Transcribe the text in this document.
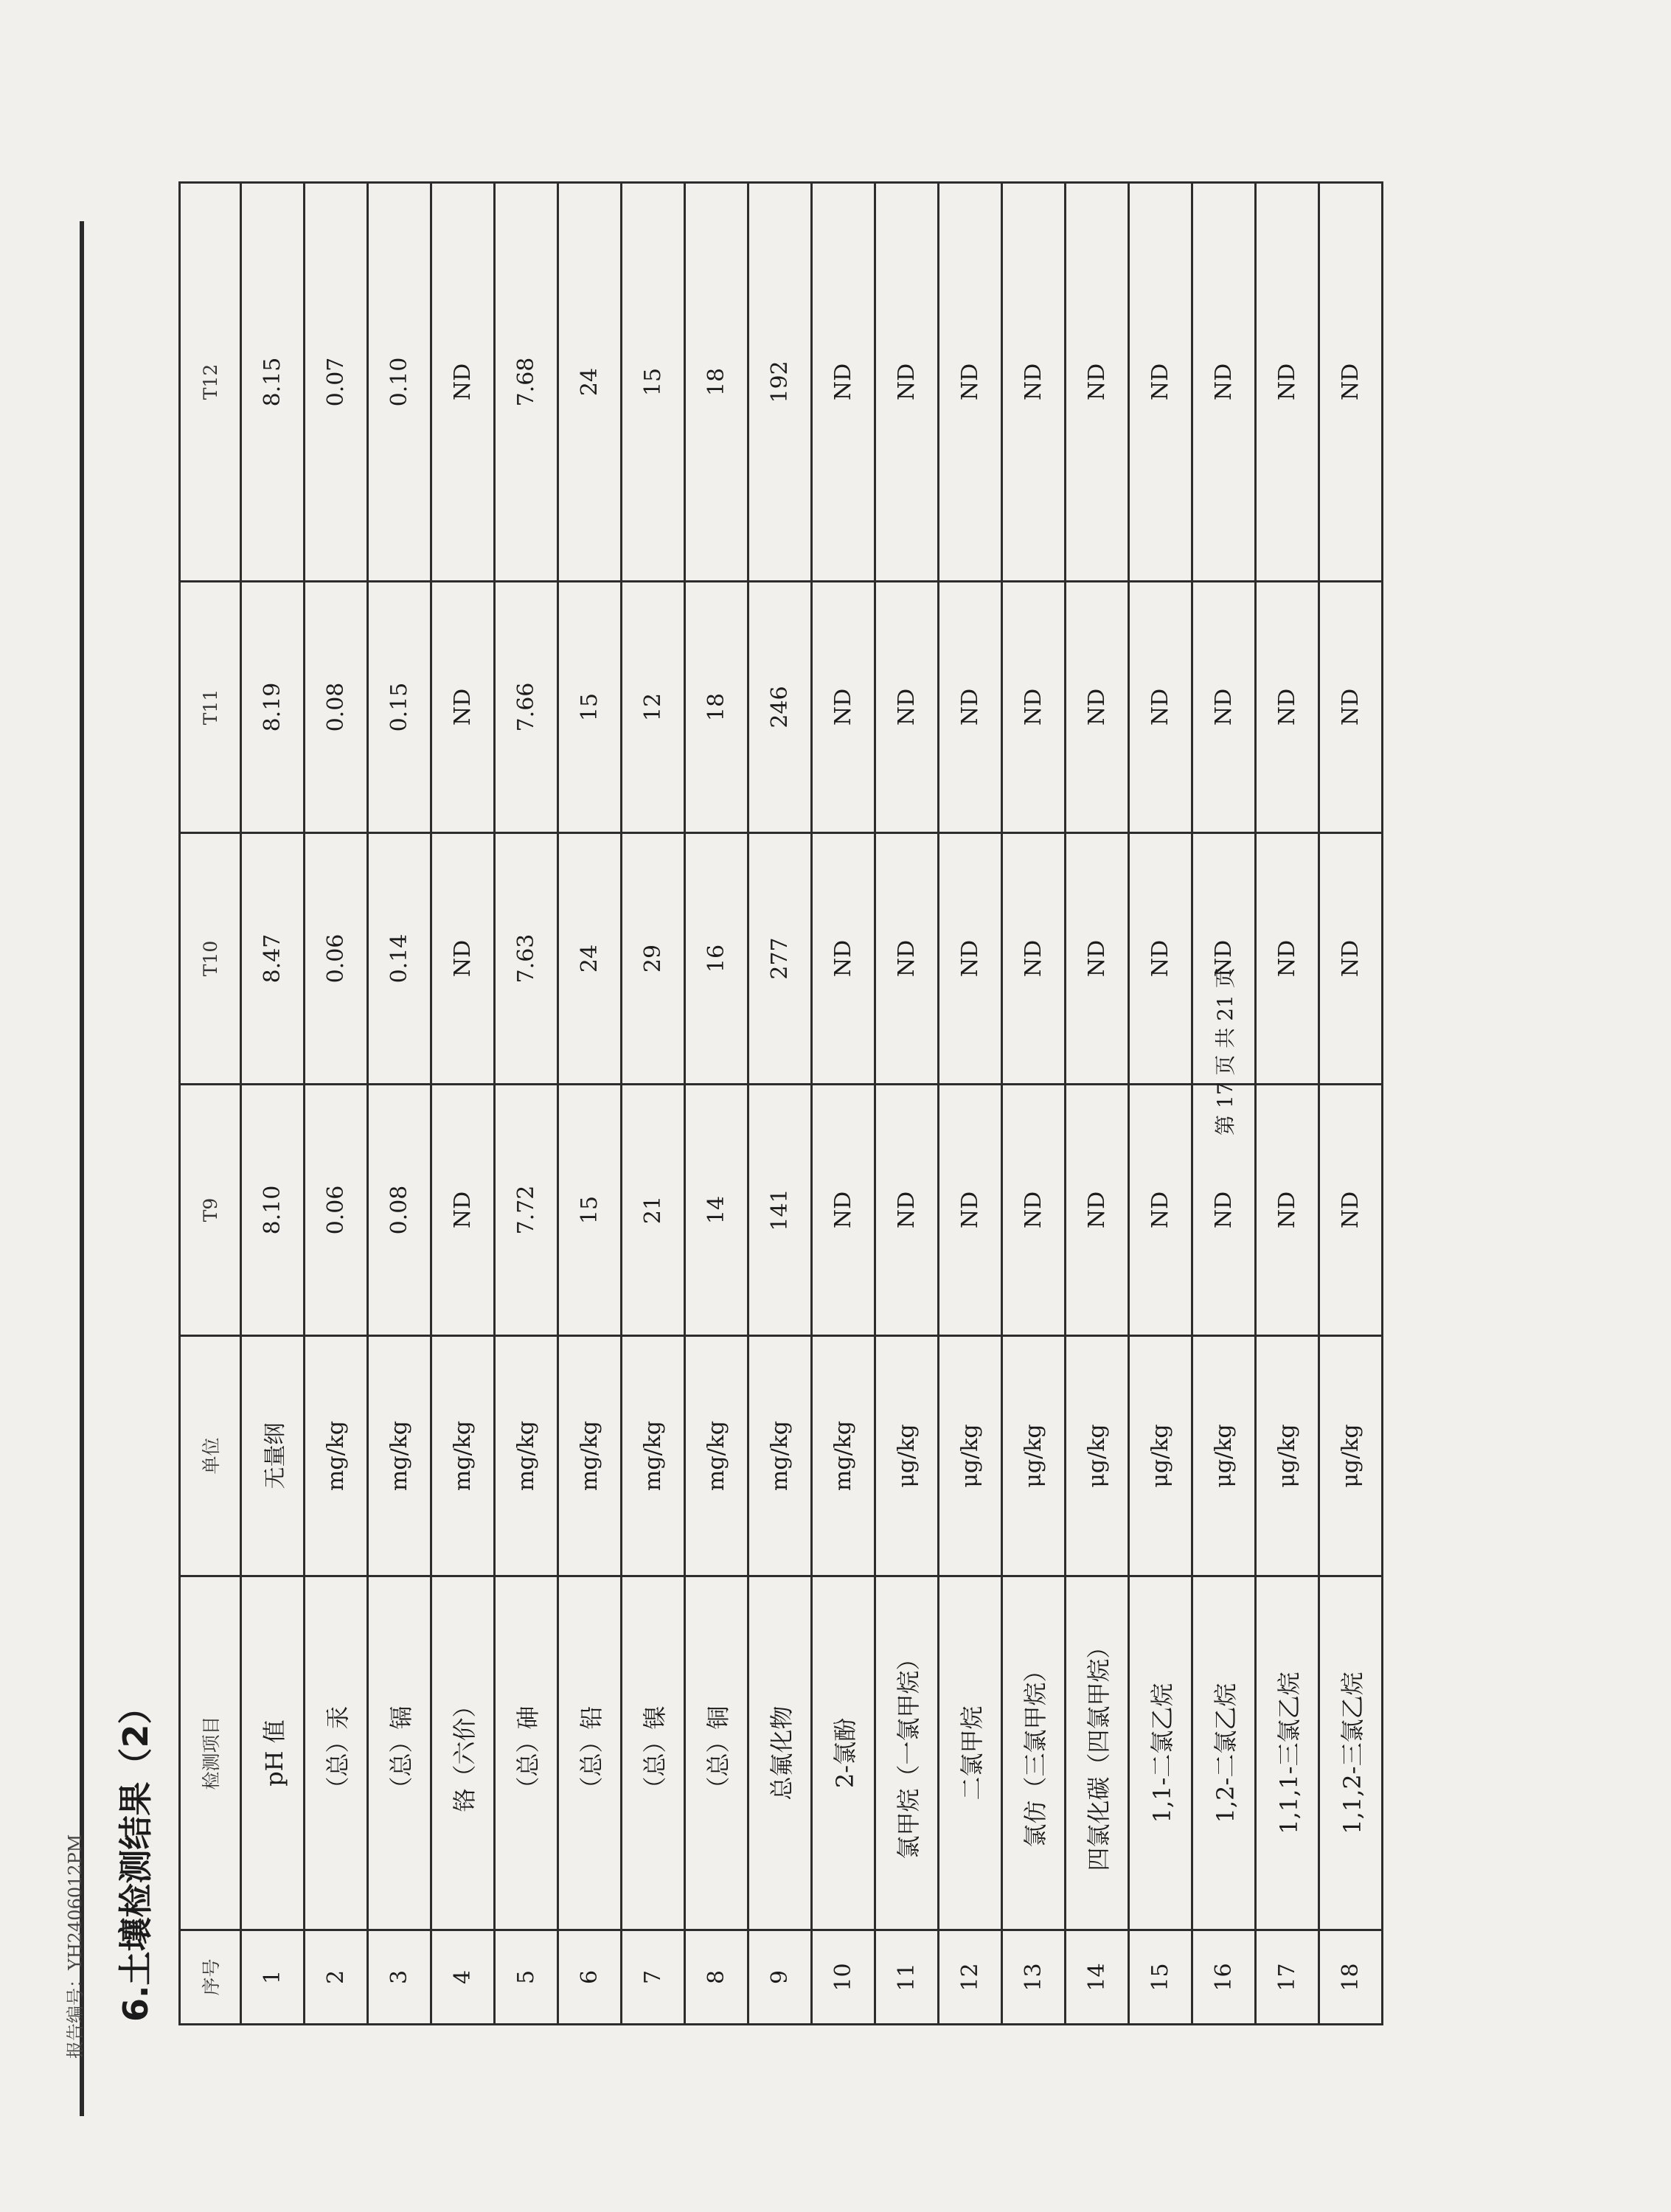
报告编号：YH2406012PM 6.土壤检测结果（2） 序号	检测项目	单位	T9	T10	T11	T12
1	pH 值	无量纲	8.10	8.47	8.19	8.15
2	（总）汞	mg/kg	0.06	0.06	0.08	0.07
3	（总）镉	mg/kg	0.08	0.14	0.15	0.10
4	铬（六价）	mg/kg	ND	ND	ND	ND
5	（总）砷	mg/kg	7.72	7.63	7.66	7.68
6	（总）铅	mg/kg	15	24	15	24
7	（总）镍	mg/kg	21	29	12	15
8	（总）铜	mg/kg	14	16	18	18
9	总氟化物	mg/kg	141	277	246	192
10	2-氯酚	mg/kg	ND	ND	ND	ND
11	氯甲烷（一氯甲烷）	μg/kg	ND	ND	ND	ND
12	二氯甲烷	μg/kg	ND	ND	ND	ND
13	氯仿（三氯甲烷）	μg/kg	ND	ND	ND	ND
14	四氯化碳（四氯甲烷）	μg/kg	ND	ND	ND	ND
15	1,1-二氯乙烷	μg/kg	ND	ND	ND	ND
16	1,2-二氯乙烷	μg/kg	ND	ND	ND	ND
17	1,1,1-三氯乙烷	μg/kg	ND	ND	ND	ND
18	1,1,2-三氯乙烷	μg/kg	ND	ND	ND	ND
第 17 页 共 21 页
